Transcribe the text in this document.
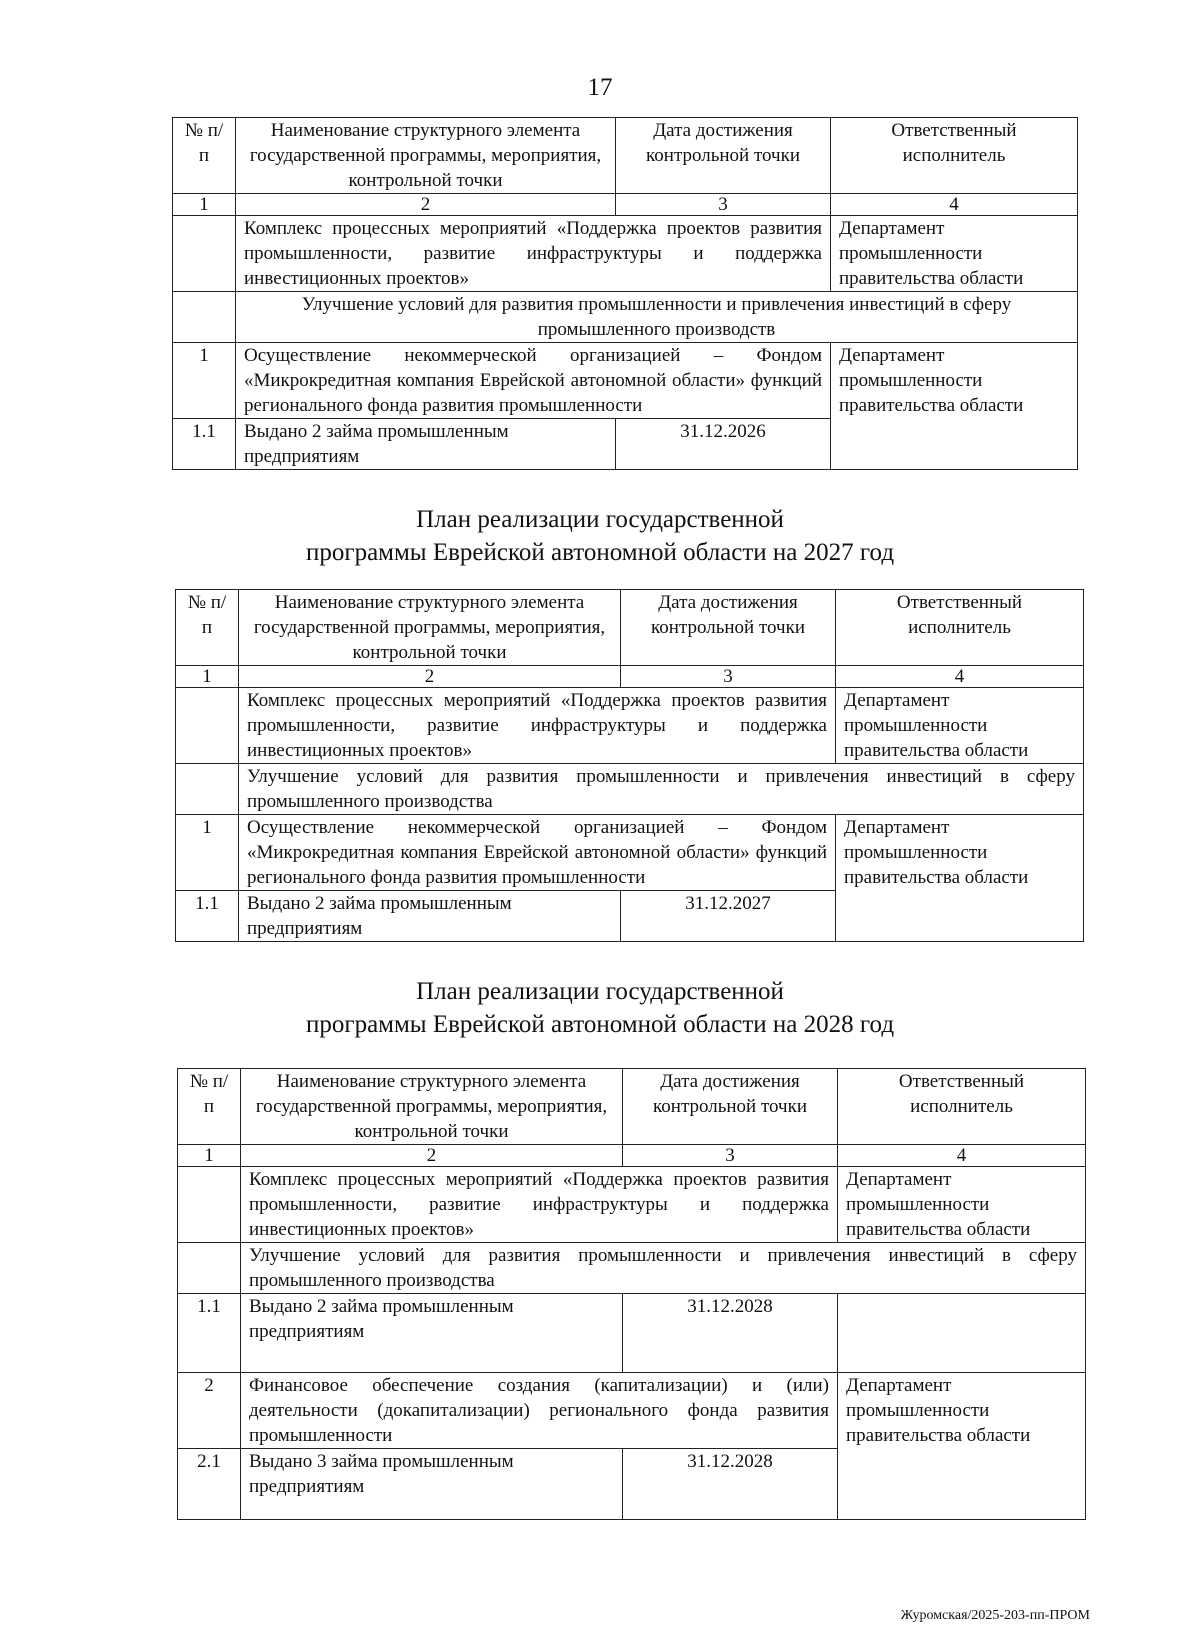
17
№ п/п	Наименование структурного элемента государственной программы, мероприятия, контрольной точки	Дата достижения контрольной точки	Ответственный исполнитель
1	2	3	4
	Комплекс процессных мероприятий «Поддержка проектов развития промышленности, развитие инфраструктуры и поддержка инвестиционных проектов»		Департамент промышленности правительства области
	Улучшение условий для развития промышленности и привлечения инвестиций в сферу промышленного производств		
1	Осуществление некоммерческой организацией – Фондом «Микрокредитная компания Еврейской автономной области» функций регионального фонда развития промышленности		Департамент промышленности правительства области
1.1	Выдано 2 займа промышленным предприятиям	31.12.2026	
План реализации государственной
программы Еврейской автономной области на 2027 год
№ п/п	Наименование структурного элемента государственной программы, мероприятия, контрольной точки	Дата достижения контрольной точки	Ответственный исполнитель
1	2	3	4
	Комплекс процессных мероприятий «Поддержка проектов развития промышленности, развитие инфраструктуры и поддержка инвестиционных проектов»		Департамент промышленности правительства области
	Улучшение условий для развития промышленности и привлечения инвестиций в сферу промышленного производства		
1	Осуществление некоммерческой организацией – Фондом «Микрокредитная компания Еврейской автономной области» функций регионального фонда развития промышленности		Департамент промышленности правительства области
1.1	Выдано 2 займа промышленным предприятиям	31.12.2027	
План реализации государственной
программы Еврейской автономной области на 2028 год
№ п/п	Наименование структурного элемента государственной программы, мероприятия, контрольной точки	Дата достижения контрольной точки	Ответственный исполнитель
1	2	3	4
	Комплекс процессных мероприятий «Поддержка проектов развития промышленности, развитие инфраструктуры и поддержка инвестиционных проектов»		Департамент промышленности правительства области
	Улучшение условий для развития промышленности и привлечения инвестиций в сферу промышленного производства		
1.1	Выдано 2 займа промышленным предприятиям	31.12.2028	
2	Финансовое обеспечение создания (капитализации) и (или) деятельности (докапитализации) регионального фонда развития промышленности		Департамент промышленности правительства области
2.1	Выдано 3 займа промышленным предприятиям	31.12.2028	
Журомская/2025-203-пп-ПРОМ
